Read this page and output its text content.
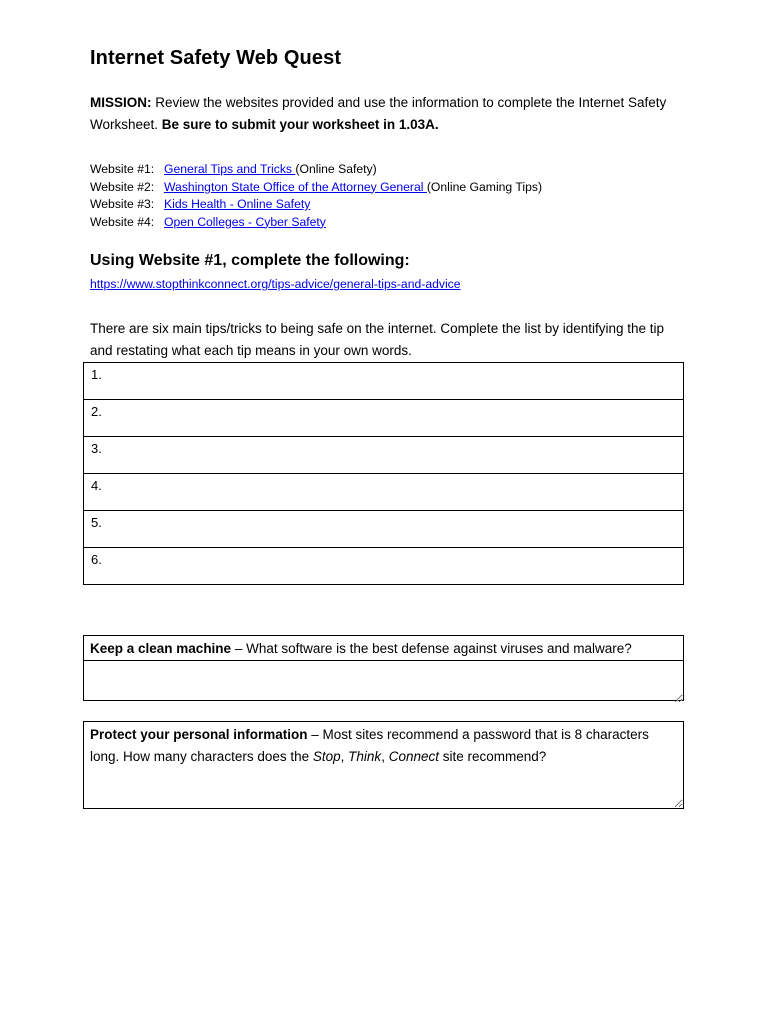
Internet Safety Web Quest
MISSION: Review the websites provided and use the information to complete the Internet Safety Worksheet. Be sure to submit your worksheet in 1.03A.
Website #1: General Tips and Tricks (Online Safety)
Website #2: Washington State Office of the Attorney General (Online Gaming Tips)
Website #3: Kids Health - Online Safety
Website #4: Open Colleges - Cyber Safety
Using Website #1, complete the following:
https://www.stopthinkconnect.org/tips-advice/general-tips-and-advice
There are six main tips/tricks to being safe on the internet. Complete the list by identifying the tip and restating what each tip means in your own words.
1.
2.
3.
4.
5.
6.
Keep a clean machine – What software is the best defense against viruses and malware?
Protect your personal information – Most sites recommend a password that is 8 characters long. How many characters does the Stop, Think, Connect site recommend?
